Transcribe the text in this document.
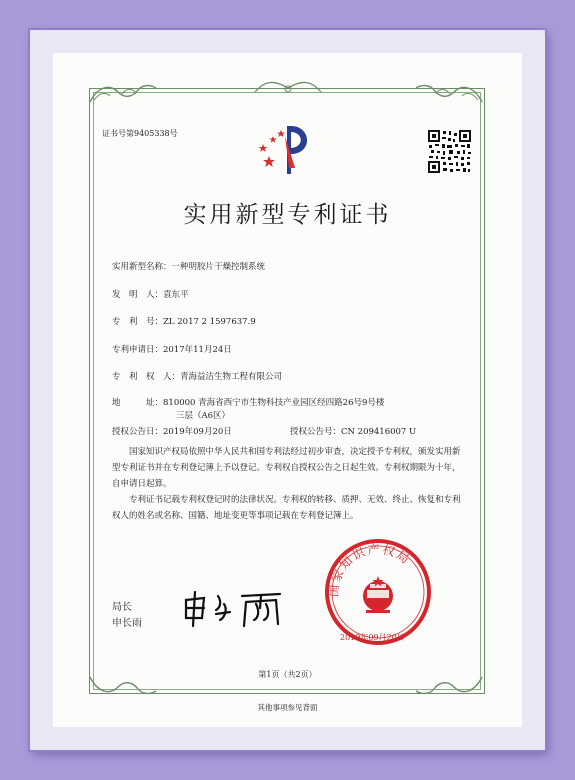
证书号第9405338号
实用新型专利证书
实用新型名称：一种明胶片干燥控制系统
发　明　人：袁东平
专　利　号：ZL 2017 2 1597637.9
专利申请日：2017年11月24日
专　利　权　人：青海益洁生物工程有限公司
地　　　址：810000 青海省西宁市生物科技产业园区经四路26号9号楼
三层（A6区）
授权公告日：2019年09月20日	授权公告号：CN 209416007 U
国家知识产权局依照中华人民共和国专利法经过初步审查，决定授予专利权，颁发实用新型专利证书并在专利登记簿上予以登记。专利权自授权公告之日起生效。专利权期限为十年，自申请日起算。
专利证书记载专利权登记时的法律状况。专利权的转移、质押、无效、终止、恢复和专利权人的姓名或名称、国籍、地址变更等事项记载在专利登记簿上。
局长
申长雨
国家知识产权局
2019年09月20日
第1页（共2页）
其他事项参见背面
